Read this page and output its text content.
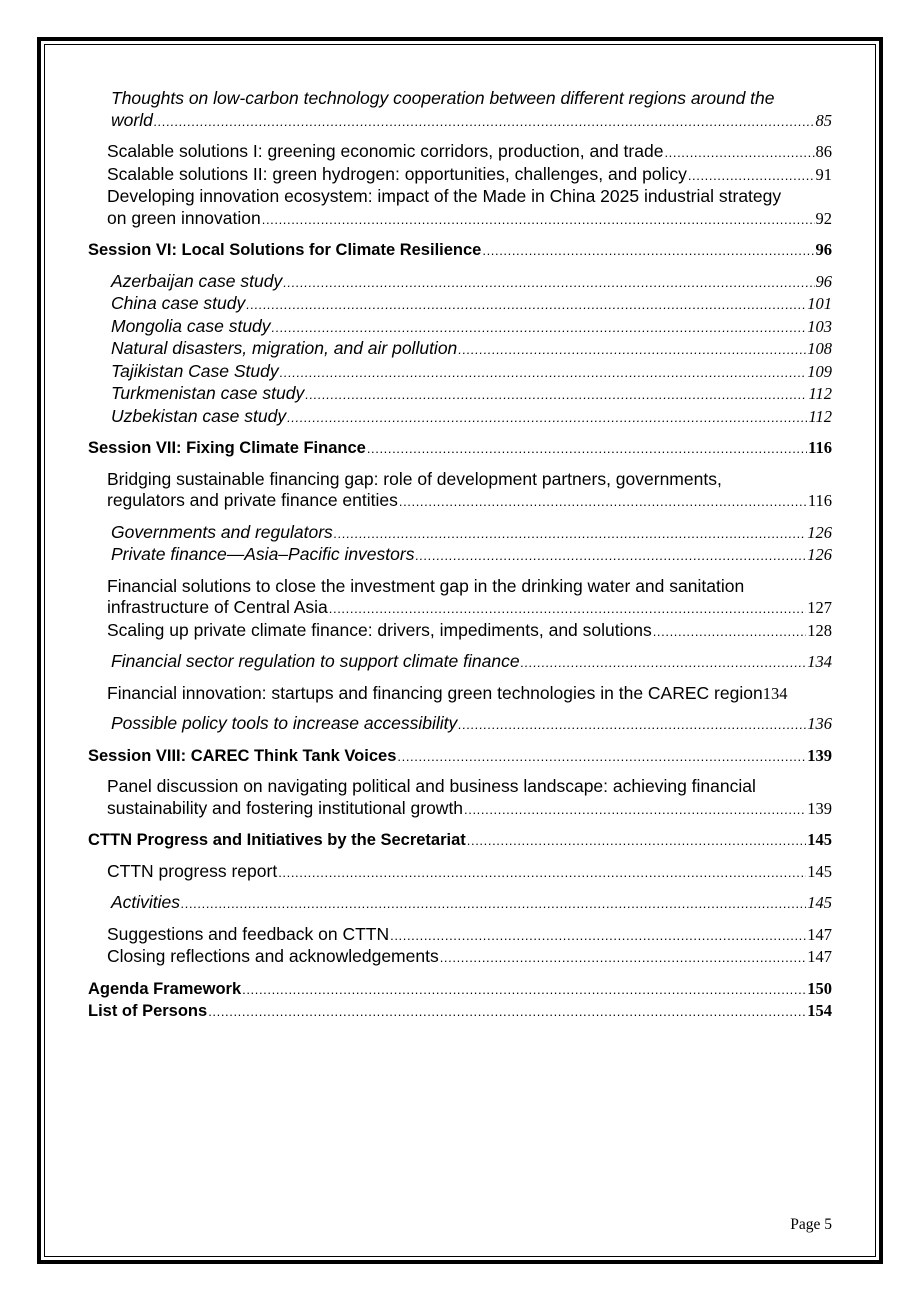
Thoughts on low-carbon technology cooperation between different regions around the
world .....	85
Scalable solutions I: greening economic corridors, production, and trade .....	86
Scalable solutions II: green hydrogen: opportunities, challenges, and policy .....	91
Developing innovation ecosystem: impact of the Made in China 2025 industrial strategy
on green innovation .....	92
Session VI: Local Solutions for Climate Resilience .....	96
Azerbaijan case study .....	96
China case study .....	101
Mongolia case study .....	103
Natural disasters, migration, and air pollution .....	108
Tajikistan Case Study .....	109
Turkmenistan case study .....	112
Uzbekistan case study .....	112
Session VII: Fixing Climate Finance .....	116
Bridging sustainable financing gap: role of development partners, governments,
regulators and private finance entities .....	116
Governments and regulators .....	126
Private finance—Asia–Pacific investors .....	126
Financial solutions to close the investment gap in the drinking water and sanitation
infrastructure of Central Asia .....	127
Scaling up private climate finance: drivers, impediments, and solutions .....	128
Financial sector regulation to support climate finance .....	134
Financial innovation: startups and financing green technologies in the CAREC region 134
Possible policy tools to increase accessibility .....	136
Session VIII: CAREC Think Tank Voices .....	139
Panel discussion on navigating political and business landscape: achieving financial
sustainability and fostering institutional growth .....	139
CTTN Progress and Initiatives by the Secretariat .....	145
CTTN progress report .....	145
Activities .....	145
Suggestions and feedback on CTTN .....	147
Closing reflections and acknowledgements .....	147
Agenda Framework .....	150
List of Persons .....	154
Page 5
